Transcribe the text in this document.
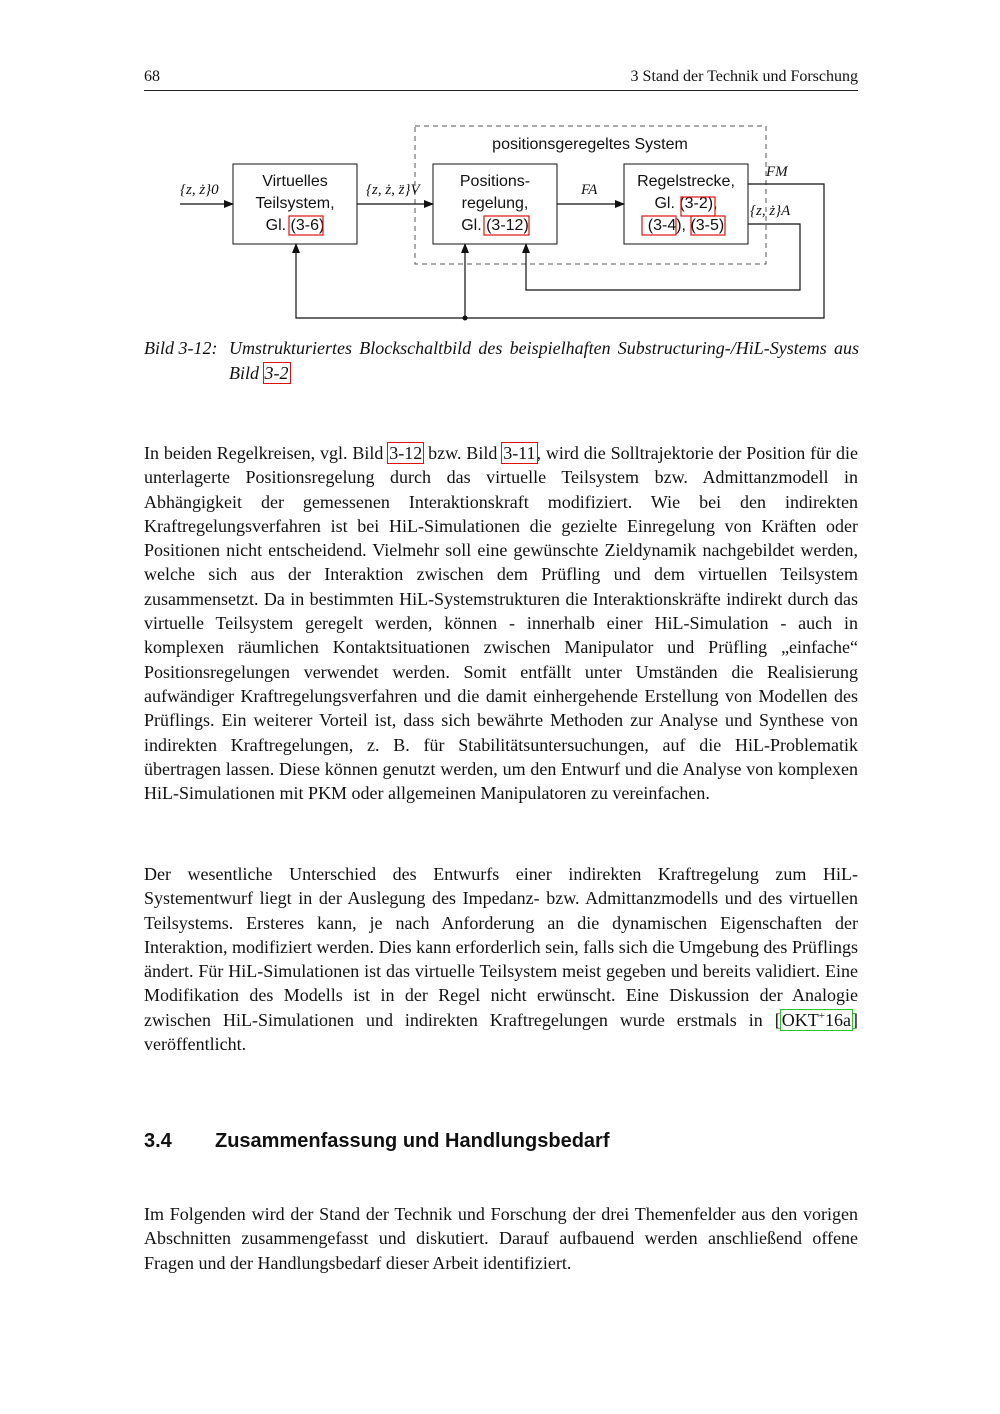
68	3 Stand der Technik und Forschung
positionsgeregeltes System
Virtuelles
Teilsystem,
Gl. (3-6)
Positions-
regelung,
Gl. (3-12)
Regelstrecke,
Gl. (3-2),
(3-4), (3-5)
{z, ż}0	{z, ż, z̈}V	FA
FM
{z, ż}A
Bild 3-12: Umstrukturiertes Blockschaltbild des beispielhaften Substructuring-/HiL-Systems aus Bild 3-2
In beiden Regelkreisen, vgl. Bild 3-12 bzw. Bild 3-11, wird die Solltrajektorie der Position für die unterlagerte Positionsregelung durch das virtuelle Teilsystem bzw. Admittanzmodell in Abhängigkeit der gemessenen Interaktionskraft modifiziert. Wie bei den indirekten Kraftregelungsverfahren ist bei HiL-Simulationen die gezielte Einregelung von Kräften oder Positionen nicht entscheidend. Vielmehr soll eine gewünschte Zieldynamik nachgebildet werden, welche sich aus der Interaktion zwischen dem Prüfling und dem virtuellen Teilsystem zusammensetzt. Da in bestimmten HiL-Systemstrukturen die Interaktionskräfte indirekt durch das virtuelle Teilsystem geregelt werden, können - innerhalb einer HiL-Simulation - auch in komplexen räumlichen Kontaktsituationen zwischen Manipulator und Prüfling „einfache“ Positionsregelungen verwendet werden. Somit entfällt unter Umständen die Realisierung aufwändiger Kraftregelungsverfahren und die damit einhergehende Erstellung von Modellen des Prüflings. Ein weiterer Vorteil ist, dass sich bewährte Methoden zur Analyse und Synthese von indirekten Kraftregelungen, z. B. für Stabilitätsuntersuchungen, auf die HiL-Problematik übertragen lassen. Diese können genutzt werden, um den Entwurf und die Analyse von komplexen HiL-Simulationen mit PKM oder allgemeinen Manipulatoren zu vereinfachen.
Der wesentliche Unterschied des Entwurfs einer indirekten Kraftregelung zum HiL-Systementwurf liegt in der Auslegung des Impedanz- bzw. Admittanzmodells und des virtuellen Teilsystems. Ersteres kann, je nach Anforderung an die dynamischen Eigenschaften der Interaktion, modifiziert werden. Dies kann erforderlich sein, falls sich die Umgebung des Prüflings ändert. Für HiL-Simulationen ist das virtuelle Teilsystem meist gegeben und bereits validiert. Eine Modifikation des Modells ist in der Regel nicht erwünscht. Eine Diskussion der Analogie zwischen HiL-Simulationen und indirekten Kraftregelungen wurde erstmals in [OKT+16a] veröffentlicht.
3.4 Zusammenfassung und Handlungsbedarf
Im Folgenden wird der Stand der Technik und Forschung der drei Themenfelder aus den vorigen Abschnitten zusammengefasst und diskutiert. Darauf aufbauend werden anschließend offene Fragen und der Handlungsbedarf dieser Arbeit identifiziert.
